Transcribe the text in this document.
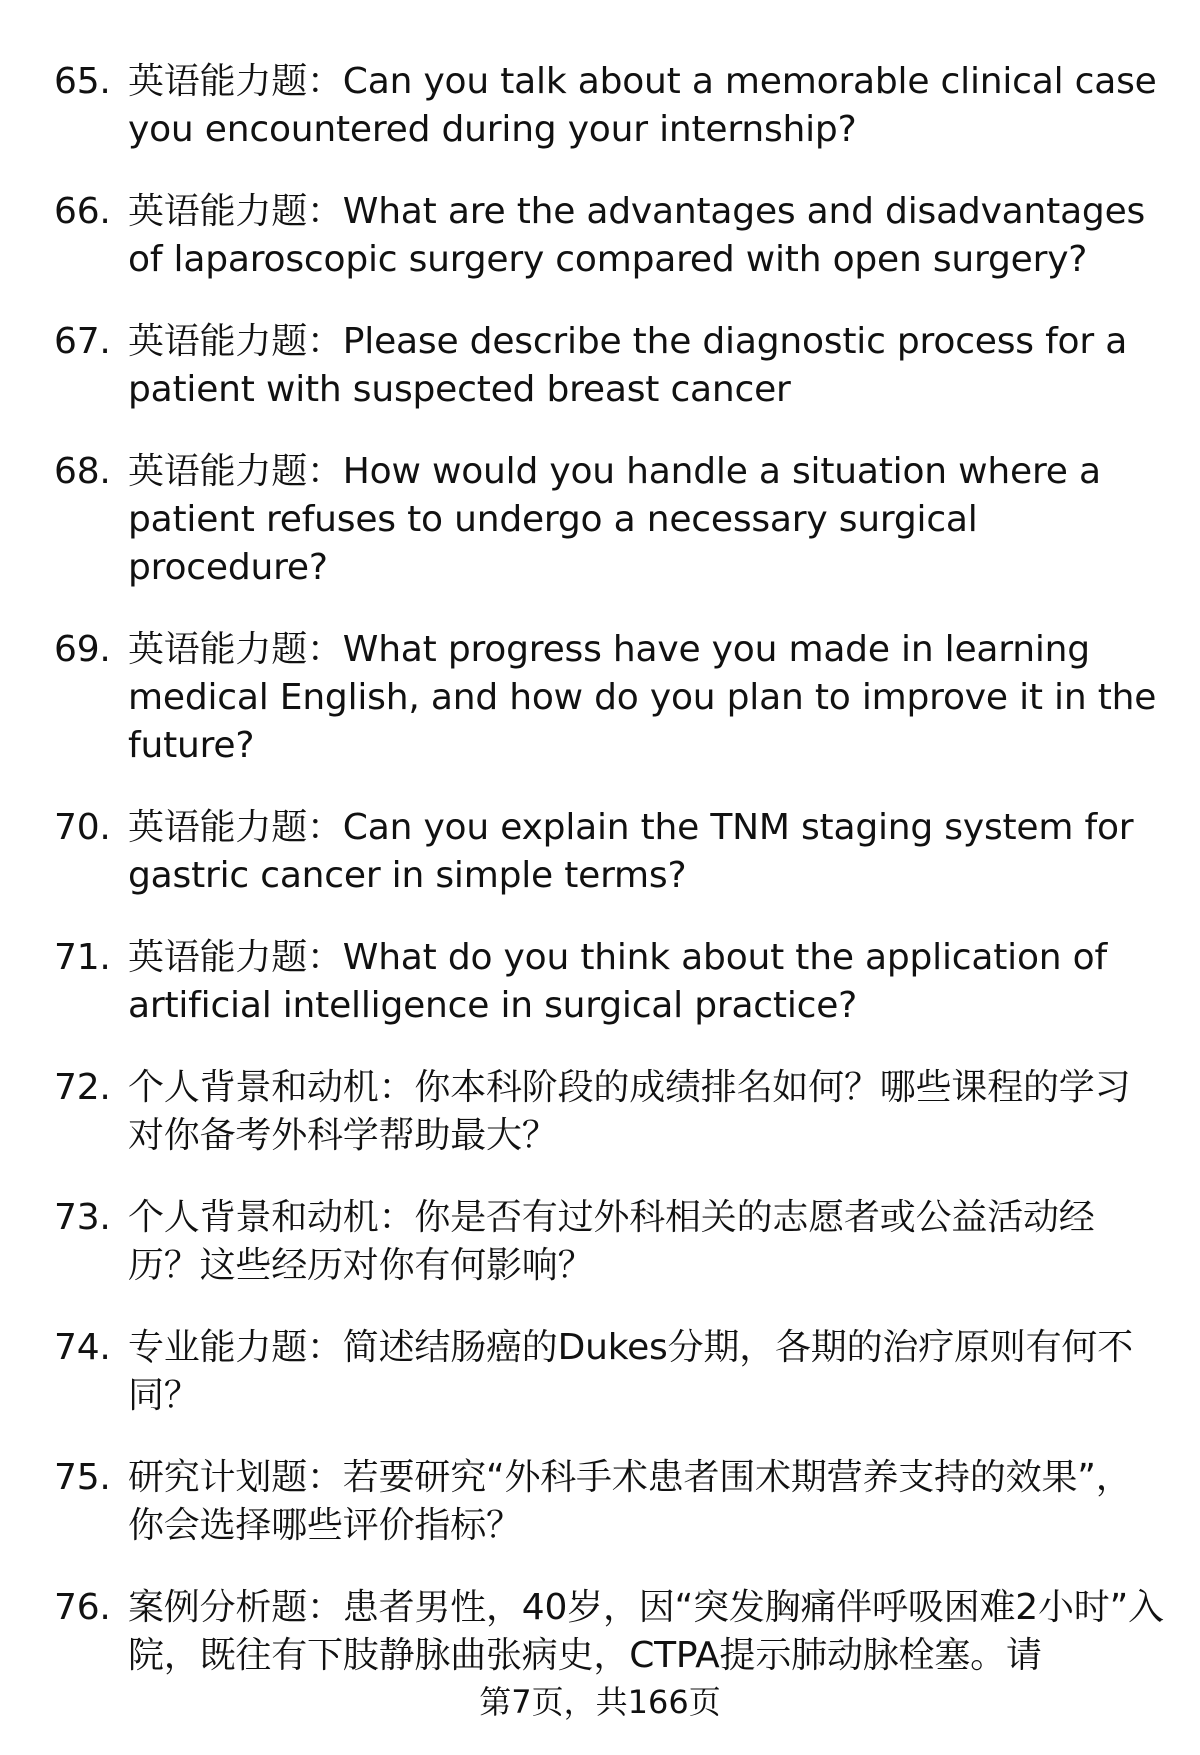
65. 英语能力题：Can you talk about a memorable clinical case you encountered during your internship?
66. 英语能力题：What are the advantages and disadvantages of laparoscopic surgery compared with open surgery?
67. 英语能力题：Please describe the diagnostic process for a patient with suspected breast cancer
68. 英语能力题：How would you handle a situation where a patient refuses to undergo a necessary surgical procedure?
69. 英语能力题：What progress have you made in learning medical English, and how do you plan to improve it in the future?
70. 英语能力题：Can you explain the TNM staging system for gastric cancer in simple terms?
71. 英语能力题：What do you think about the application of artificial intelligence in surgical practice?
72. 个人背景和动机：你本科阶段的成绩排名如何？哪些课程的学习对你备考外科学帮助最大？
73. 个人背景和动机：你是否有过外科相关的志愿者或公益活动经历？这些经历对你有何影响？
74. 专业能力题：简述结肠癌的Dukes分期，各期的治疗原则有何不同？
75. 研究计划题：若要研究“外科手术患者围术期营养支持的效果”，你会选择哪些评价指标？
76. 案例分析题：患者男性，40岁，因“突发胸痛伴呼吸困难2小时”入院，既往有下肢静脉曲张病史，CTPA提示肺动脉栓塞。请
第7页，共166页
